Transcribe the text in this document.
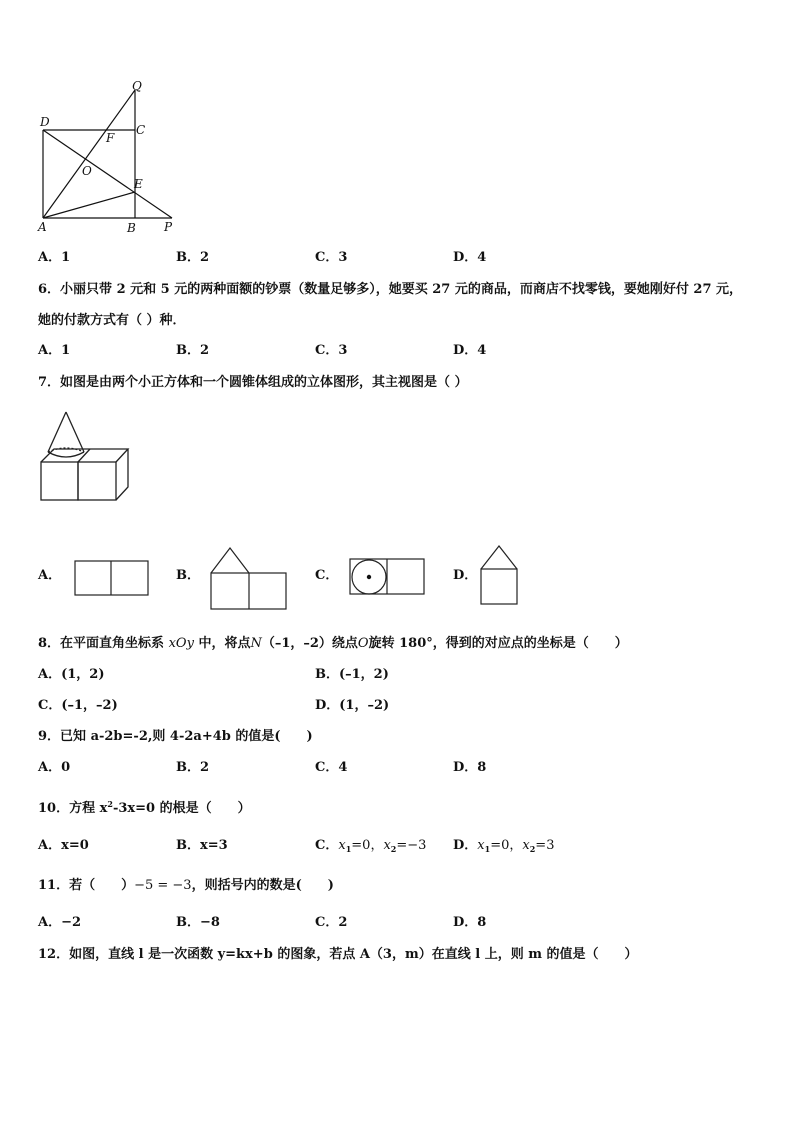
Q
D
C
F
O
E
A	B P
A．1	B．2	C．3	D．4
6．小丽只带 2 元和 5 元的两种面额的钞票（数量足够多），她要买 27 元的商品，而商店不找零钱，要她刚好付 27 元，
她的付款方式有（ ）种．
A．1	B．2	C．3	D．4
7．如图是由两个小正方体和一个圆锥体组成的立体图形，其主视图是（ ）
A．	B．	C．	D．
8．在平面直角坐标系 xOy 中，将点N（–1，–2）绕点O旋转 180°，得到的对应点的坐标是（　　）
A．(1，2)	B．(–1，2)
C．(–1，–2)	D．(1，–2)
9．已知 a-2b=-2,则 4-2a+4b 的值是(　　)
A．0	B．2	C．4	D．8
10．方程 $x^2-3x=0$ 的根是（　　）
A．x=0	B．x=3	C．$x_1=0$，$x_2=-3$ D．$x_1=0$，$x_2=3$
11．若（　　）−5 = −3，则括号内的数是(　　)
A．−2	B．−8	C．2	D．8
12．如图，直线 l 是一次函数 y=kx+b 的图象，若点 A（3，m）在直线 l 上，则 m 的值是（　　）
